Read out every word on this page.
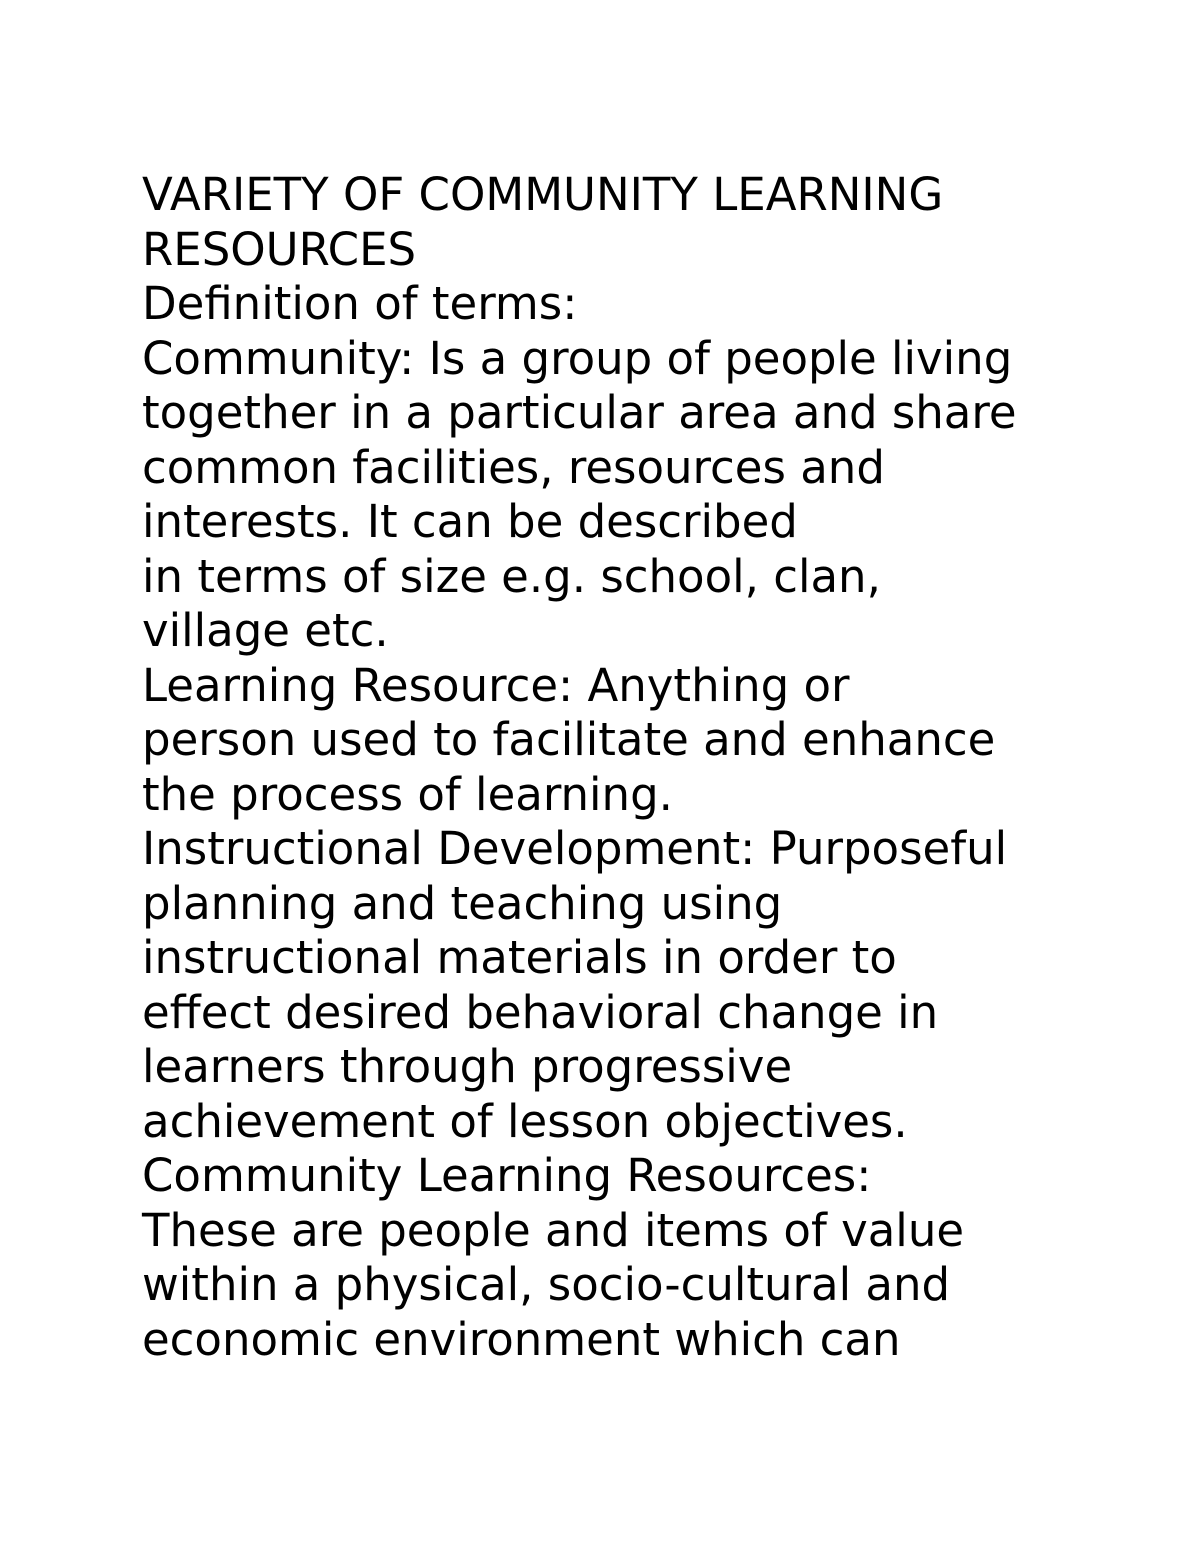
VARIETY OF COMMUNITY LEARNING
RESOURCES
Definition of terms:
Community: Is a group of people living
together in a particular area and share
common facilities, resources and
interests. It can be described
in terms of size e.g. school, clan,
village etc.
Learning Resource: Anything or
person used to facilitate and enhance
the process of learning.
Instructional Development: Purposeful
planning and teaching using
instructional materials in order to
effect desired behavioral change in
learners through progressive
achievement of lesson objectives.
Community Learning Resources:
These are people and items of value
within a physical, socio-cultural and
economic environment which can
